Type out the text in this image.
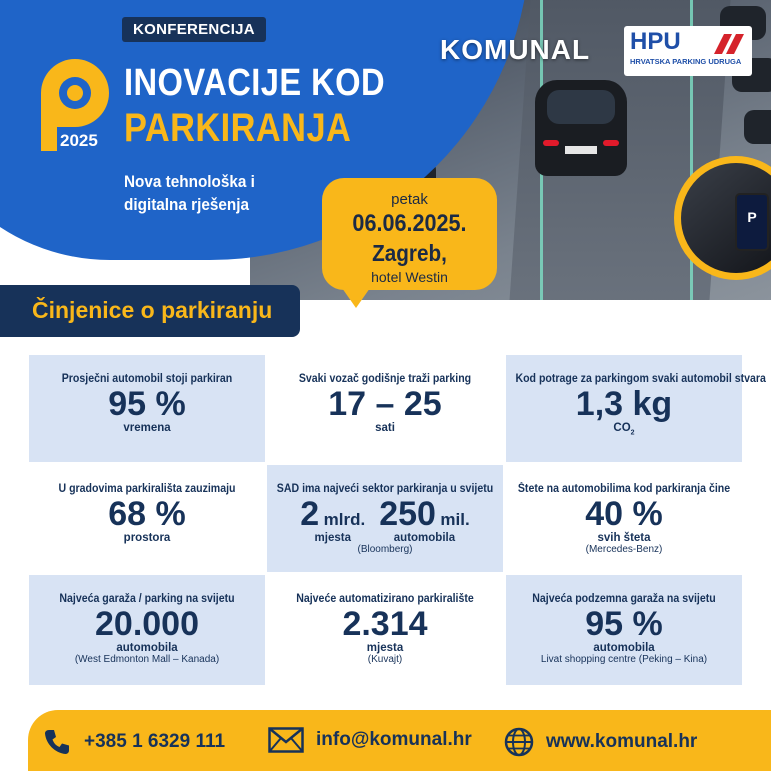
KONFERENCIJA
2025
INOVACIJE KOD
PARKIRANJA
Nova tehnološka i
digitalna rješenja
KOMUNAL HPU
HRVATSKA PARKING UDRUGA
P
petak
06.06.2025.
Zagreb,
hotel Westin
Činjenice o parkiranju
Prosječni automobil stoji parkiran
95 %
vremena
Svaki vozač godišnje traži parking
17 – 25
sati
Kod potrage za parkingom svaki automobil stvara
1,3 kg
$CO_2$
U gradovima parkirališta zauzimaju
68 %
prostora
SAD ima najveći sektor parkiranja u svijetu
2 mlrd.
mjesta
250 mil.
automobila
(Bloomberg)
Štete na automobilima kod parkiranja čine
40 %
svih šteta
(Mercedes-Benz)
Najveća garaža / parking na svijetu
20.000
automobila
(West Edmonton Mall – Kanada)
Najveće automatizirano parkiralište
2.314
mjesta
(Kuvajt)
Najveća podzemna garaža na svijetu
95 %
automobila
Livat shopping centre (Peking – Kina)
+385 1 6329 111	info@komunal.hr	www.komunal.hr
